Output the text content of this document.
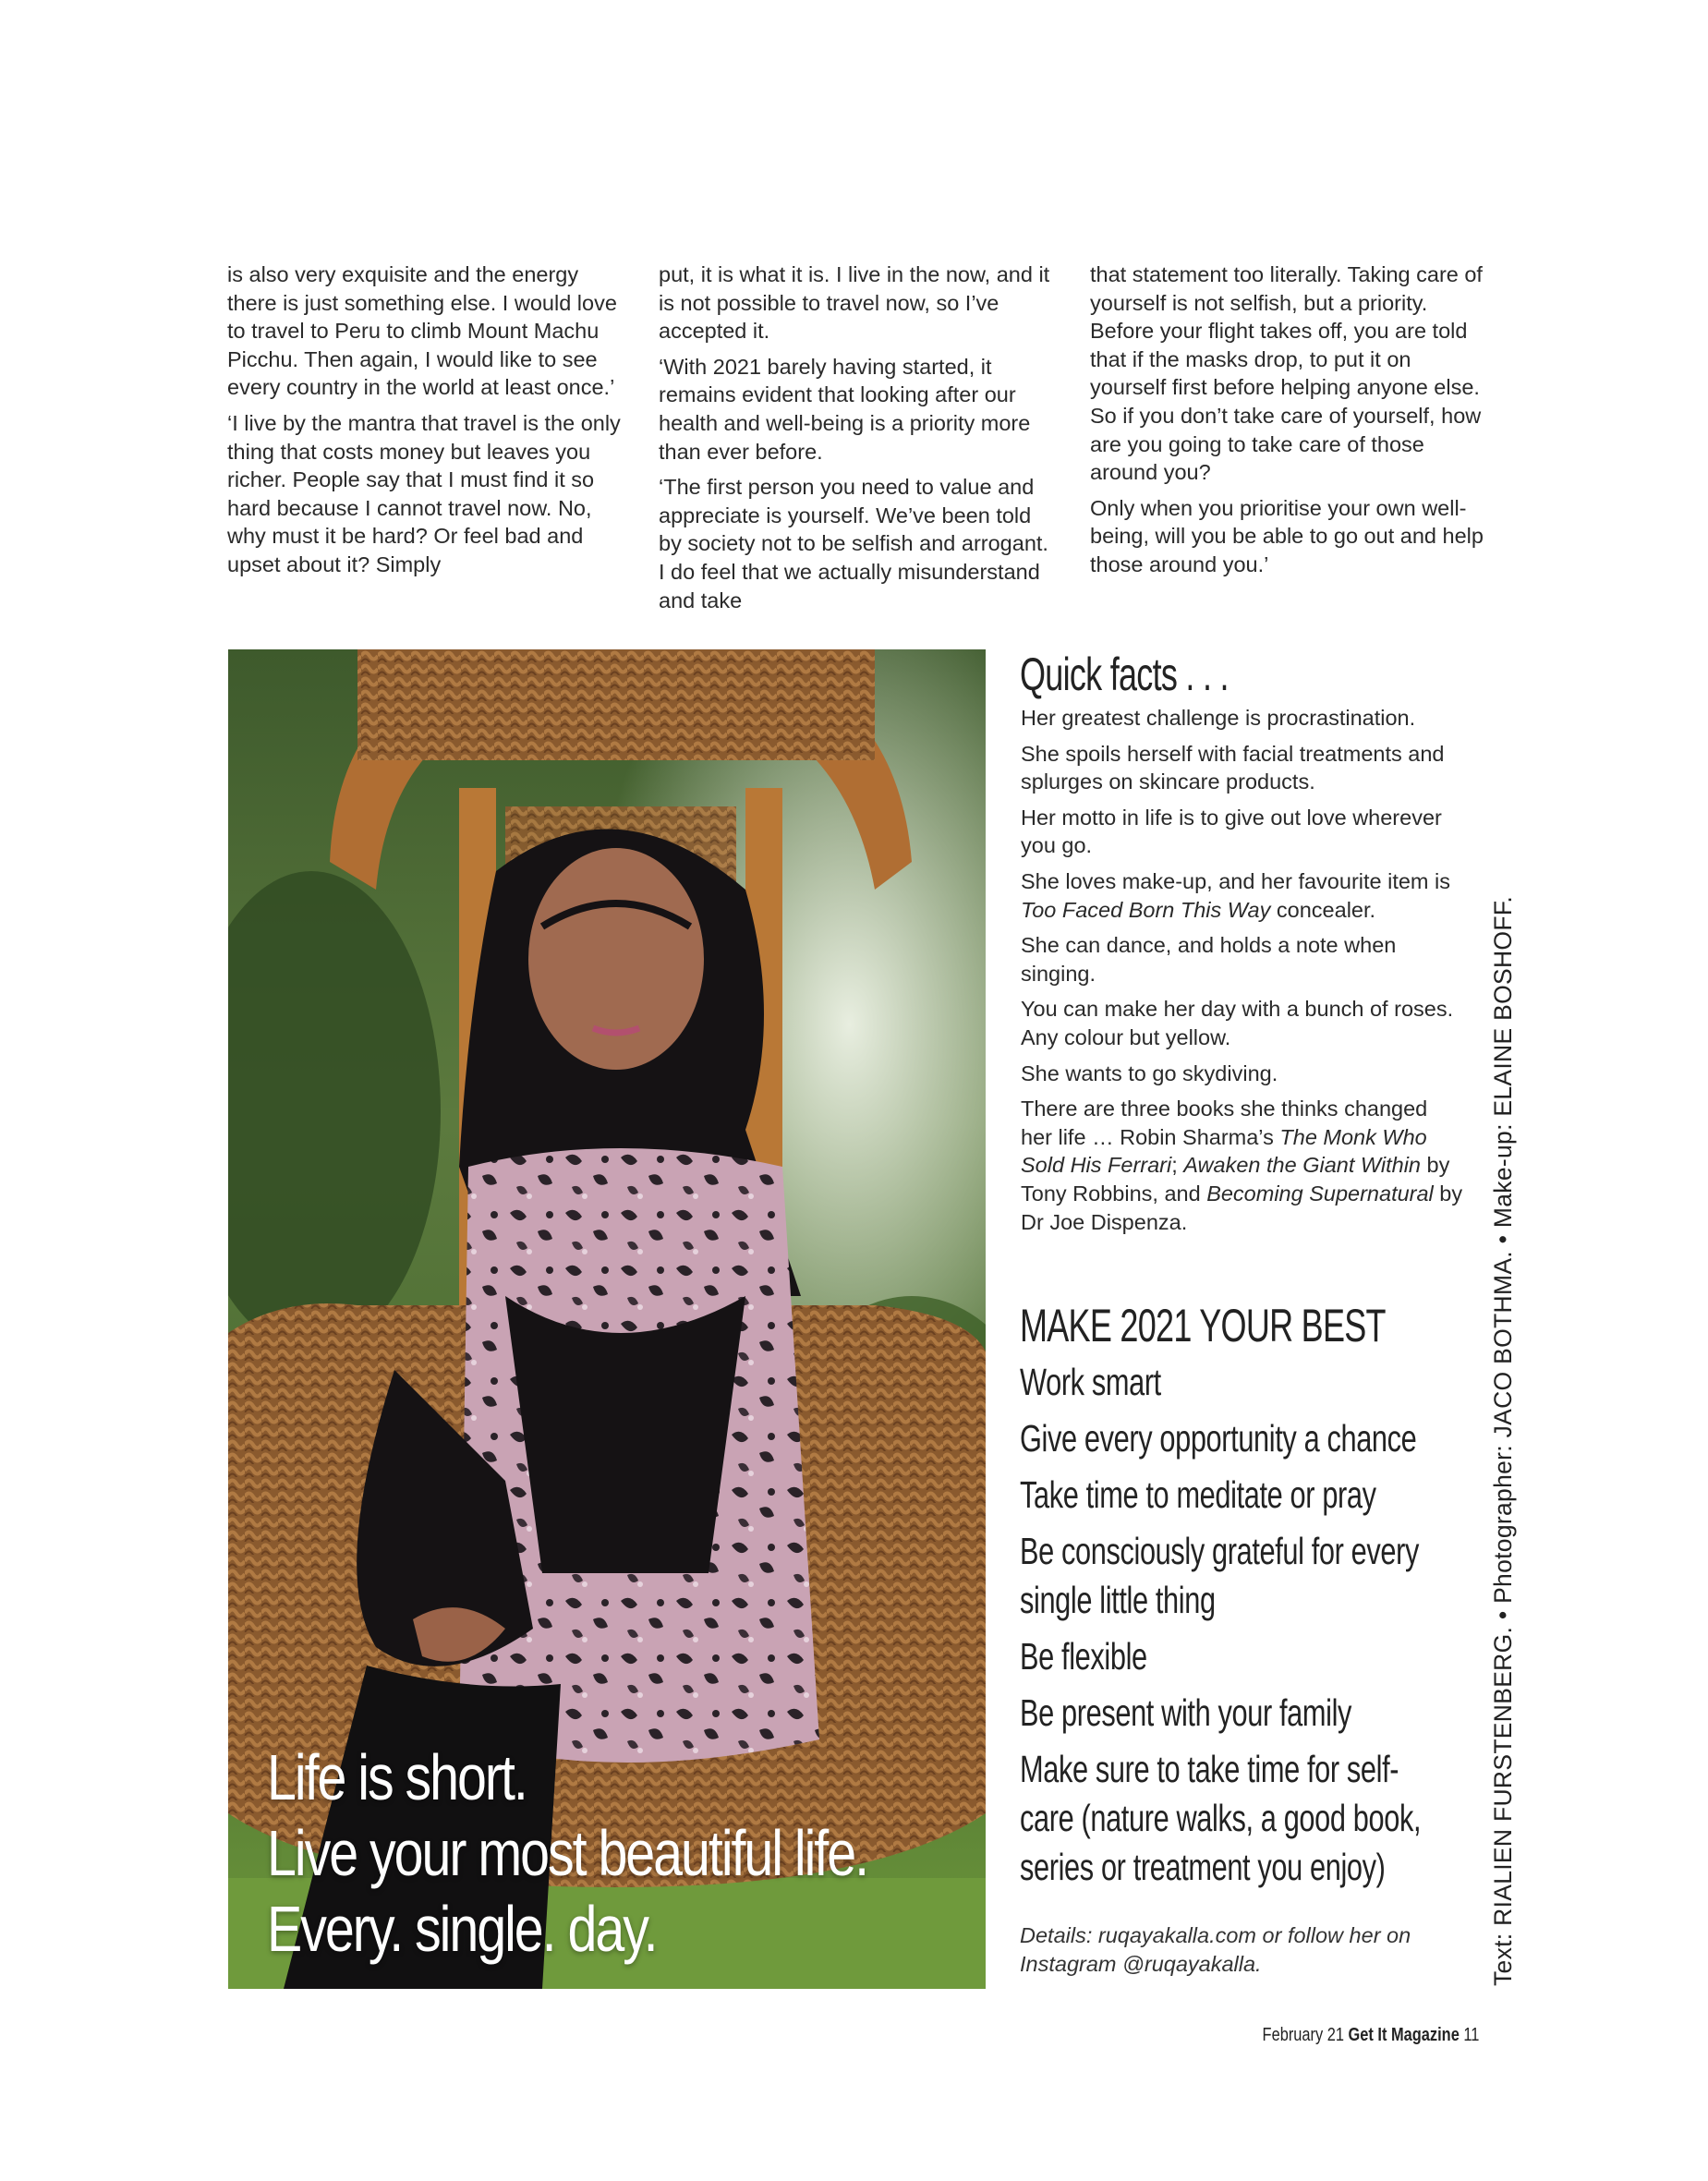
is also very exquisite and the energy there is just something else. I would love to travel to Peru to climb Mount Machu Picchu. Then again, I would like to see every country in the world at least once.’

‘I live by the mantra that travel is the only thing that costs money but leaves you richer. People say that I must find it so hard because I cannot travel now. No, why must it be hard? Or feel bad and upset about it? Simply

put, it is what it is. I live in the now, and it is not possible to travel now, so I’ve accepted it.

‘With 2021 barely having started, it remains evident that looking after our health and well-being is a priority more than ever before.

‘The first person you need to value and appreciate is yourself. We’ve been told by society not to be selfish and arrogant. I do feel that we actually misunderstand and take

that statement too literally. Taking care of yourself is not selfish, but a priority. Before your flight takes off, you are told that if the masks drop, to put it on yourself first before helping anyone else. So if you don’t take care of yourself, how are you going to take care of those around you?

Only when you prioritise your own well-being, will you be able to go out and help those around you.’

Life is short.
Live your most beautiful life.
Every. single. day.
Quick facts . . .
Her greatest challenge is procrastination.
She spoils herself with facial treatments and splurges on skincare products.
Her motto in life is to give out love wherever you go.
She loves make-up, and her favourite item is Too Faced Born This Way concealer.
She can dance, and holds a note when singing.
You can make her day with a bunch of roses. Any colour but yellow.
She wants to go skydiving.
There are three books she thinks changed her life … Robin Sharma’s The Monk Who Sold His Ferrari; Awaken the Giant Within by Tony Robbins, and Becoming Supernatural by Dr Joe Dispenza.
MAKE 2021 YOUR BEST
Work smart
Give every opportunity a chance
Take time to meditate or pray
Be consciously grateful for every single little thing
Be flexible
Be present with your family
Make sure to take time for self-care (nature walks, a good book, series or treatment you enjoy)
Details: ruqayakalla.com or follow her on Instagram @ruqayakalla.	Text: RIALIEN FURSTENBERG. • Photographer: JACO BOTHMA. • Make-up: ELAINE BOSHOFF.
February 21 Get It Magazine 11
